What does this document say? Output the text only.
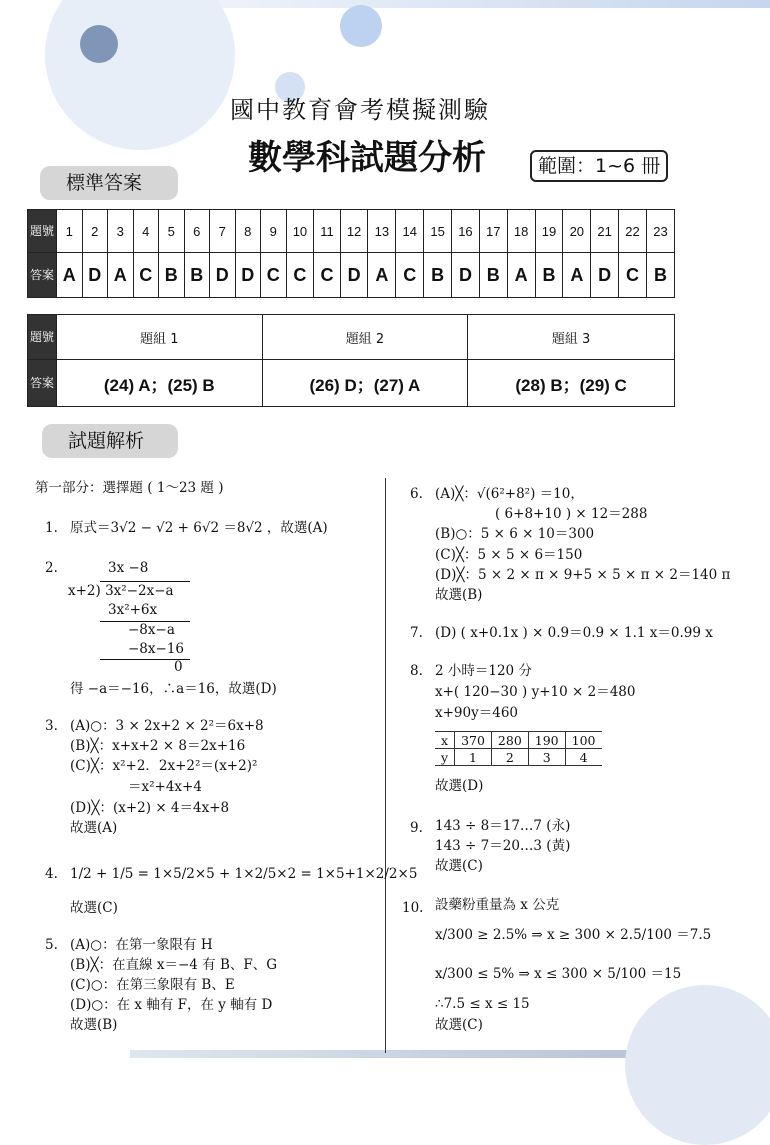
國中教育會考模擬測驗
數學科試題分析	範圍：1~6 冊
標準答案
題號	1	2	3	4	5	6	7	8	9	10	11	12	13	14	15	16	17	18	19	20	21	22	23
答案	A	D	A	C	B	B	D	D	C	C	C	D	A	C	B	D	B	A	B	A	D	C	B
題號	題組 1	題組 2	題組 3
答案	(24) A；(25) B	(26) D；(27) A	(28) B；(29) C
試題解析
第一部分：選擇題 ( 1～23 題 )
1. 原式＝3√2 − √2 + 6√2 ＝8√2 ，故選(A)
2.	3x −8
x+2) 3x²−2x−a
3x²+6x
−8x−a
−8x−16
0
得 −a＝−16，∴a＝16，故選(D)
3. (A)○：3 × 2x+2 × 2²＝6x+8
(B)╳：x+x+2 × 8＝2x+16
(C)╳：x²+2．2x+2²＝(x+2)²
＝x²+4x+4
(D)╳：(x+2) × 4＝4x+8
故選(A)
4. 1/2 + 1/5 = 1×5/2×5 + 1×2/5×2 = 1×5+1×2/2×5
故選(C)
5. (A)○：在第一象限有 H
(B)╳：在直線 x＝−4 有 B、F、G
(C)○：在第三象限有 B、E
(D)○：在 x 軸有 F，在 y 軸有 D
故選(B)
6. (A)╳：√(6²+8²) ＝10，
( 6+8+10 ) × 12＝288
(B)○：5 × 6 × 10＝300
(C)╳：5 × 5 × 6＝150
(D)╳：5 × 2 × π × 9+5 × 5 × π × 2＝140 π
故選(B)
7. (D) ( x+0.1x ) × 0.9＝0.9 × 1.1 x＝0.99 x
8. 2 小時＝120 分
x+( 120−30 ) y+10 × 2＝480
x+90y＝460
x	370	280	190	100
y	1	2	3	4
故選(D)
9. 143 ÷ 8＝17…7 (永)
143 ÷ 7＝20…3 (黃)
故選(C)
10. 設藥粉重量為 x 公克
x/300 ≥ 2.5% ⇒ x ≥ 300 × 2.5/100 ＝7.5
x/300 ≤ 5% ⇒ x ≤ 300 × 5/100 ＝15
∴7.5 ≤ x ≤ 15
故選(C)
